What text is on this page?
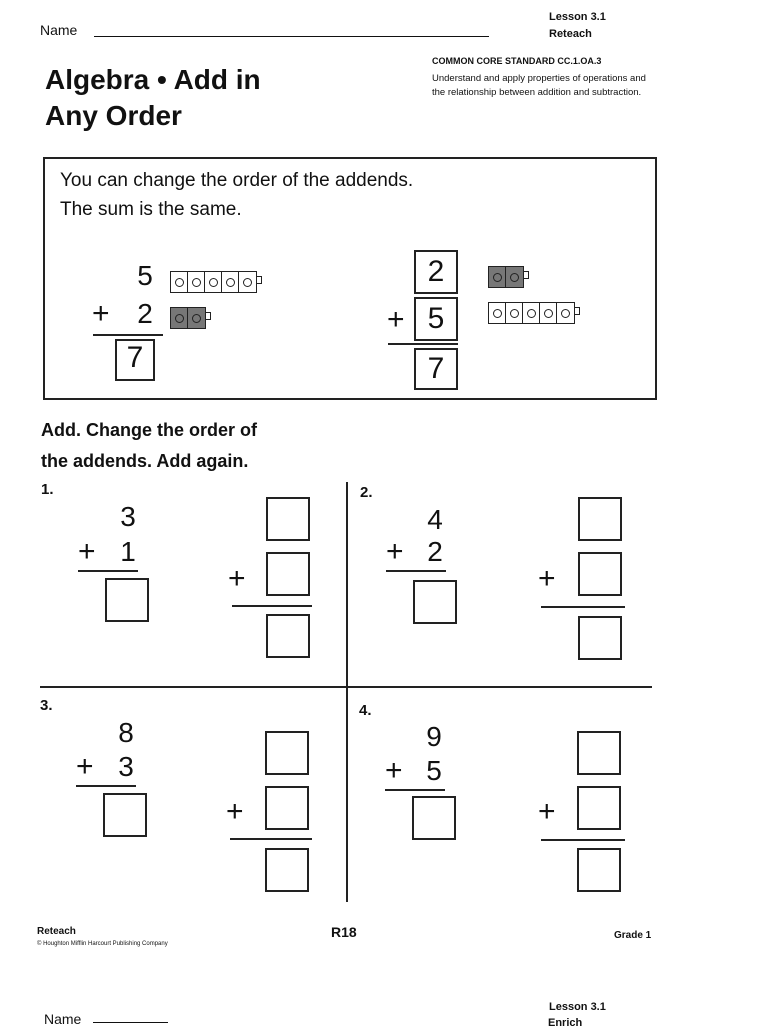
Name
Lesson 3.1
Reteach
Algebra • Add in
Any Order
COMMON CORE STANDARD CC.1.OA.3
Understand and apply properties of operations and the relationship between addition and subtraction.
You can change the order of the addends.
The sum is the same.
5
+ 2
7
2
+ 5
7
Add. Change the order of
the addends. Add again.
1.
3
+ 1
+
2.
4
+ 2
+
3.
8
+ 3
+
4.
9
+ 5
+
Reteach
© Houghton Mifflin Harcourt Publishing Company
R18	Grade 1
Lesson 3.1
Enrich
Name
